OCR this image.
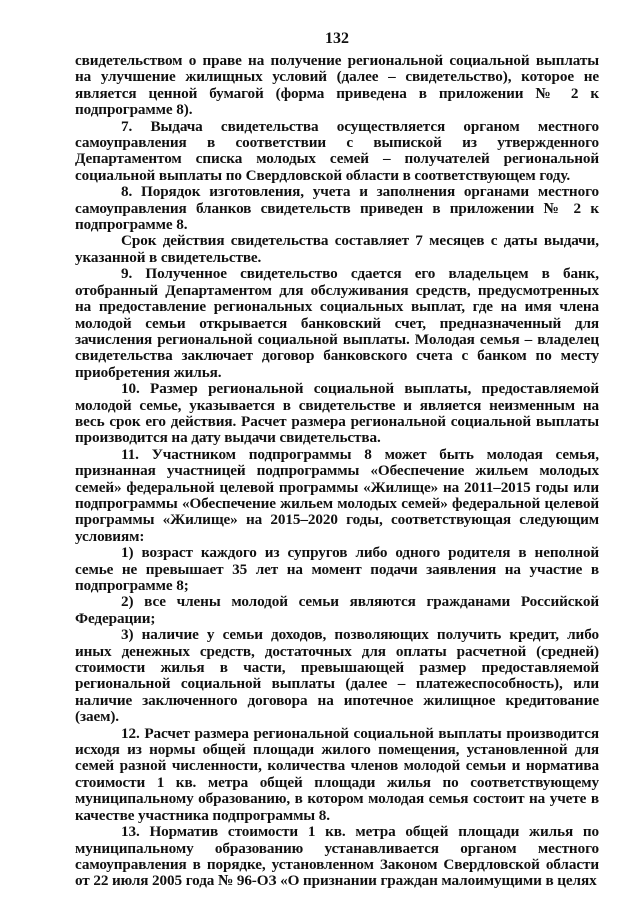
132

свидетельством о праве на получение региональной социальной выплаты на улучшение жилищных условий (далее – свидетельство), которое не является ценной бумагой (форма приведена в приложении № 2 к подпрограмме 8).

7. Выдача свидетельства осуществляется органом местного самоуправления в соответствии с выпиской из утвержденного Департаментом списка молодых семей – получателей региональной социальной выплаты по Свердловской области в соответствующем году.

8. Порядок изготовления, учета и заполнения органами местного самоуправления бланков свидетельств приведен в приложении № 2 к подпрограмме 8.

Срок действия свидетельства составляет 7 месяцев с даты выдачи, указанной в свидетельстве.

9. Полученное свидетельство сдается его владельцем в банк, отобранный Департаментом для обслуживания средств, предусмотренных на предоставление региональных социальных выплат, где на имя члена молодой семьи открывается банковский счет, предназначенный для зачисления региональной социальной выплаты. Молодая семья – владелец свидетельства заключает договор банковского счета с банком по месту приобретения жилья.

10. Размер региональной социальной выплаты, предоставляемой молодой семье, указывается в свидетельстве и является неизменным на весь срок его действия. Расчет размера региональной социальной выплаты производится на дату выдачи свидетельства.

11. Участником подпрограммы 8 может быть молодая семья, признанная участницей подпрограммы «Обеспечение жильем молодых семей» федеральной целевой программы «Жилище» на 2011–2015 годы или подпрограммы «Обеспечение жильем молодых семей» федеральной целевой программы «Жилище» на 2015–2020 годы, соответствующая следующим условиям:

1) возраст каждого из супругов либо одного родителя в неполной семье не превышает 35 лет на момент подачи заявления на участие в подпрограмме 8;

2) все члены молодой семьи являются гражданами Российской Федерации;

3) наличие у семьи доходов, позволяющих получить кредит, либо иных денежных средств, достаточных для оплаты расчетной (средней) стоимости жилья в части, превышающей размер предоставляемой региональной социальной выплаты (далее – платежеспособность), или наличие заключенного договора на ипотечное жилищное кредитование (заем).

12. Расчет размера региональной социальной выплаты производится исходя из нормы общей площади жилого помещения, установленной для семей разной численности, количества членов молодой семьи и норматива стоимости 1 кв. метра общей площади жилья по соответствующему муниципальному образованию, в котором молодая семья состоит на учете в качестве участника подпрограммы 8.

13. Норматив стоимости 1 кв. метра общей площади жилья по муниципальному образованию устанавливается органом местного самоуправления в порядке, установленном Законом Свердловской области от 22 июля 2005 года № 96-ОЗ «О признании граждан малоимущими в целях
